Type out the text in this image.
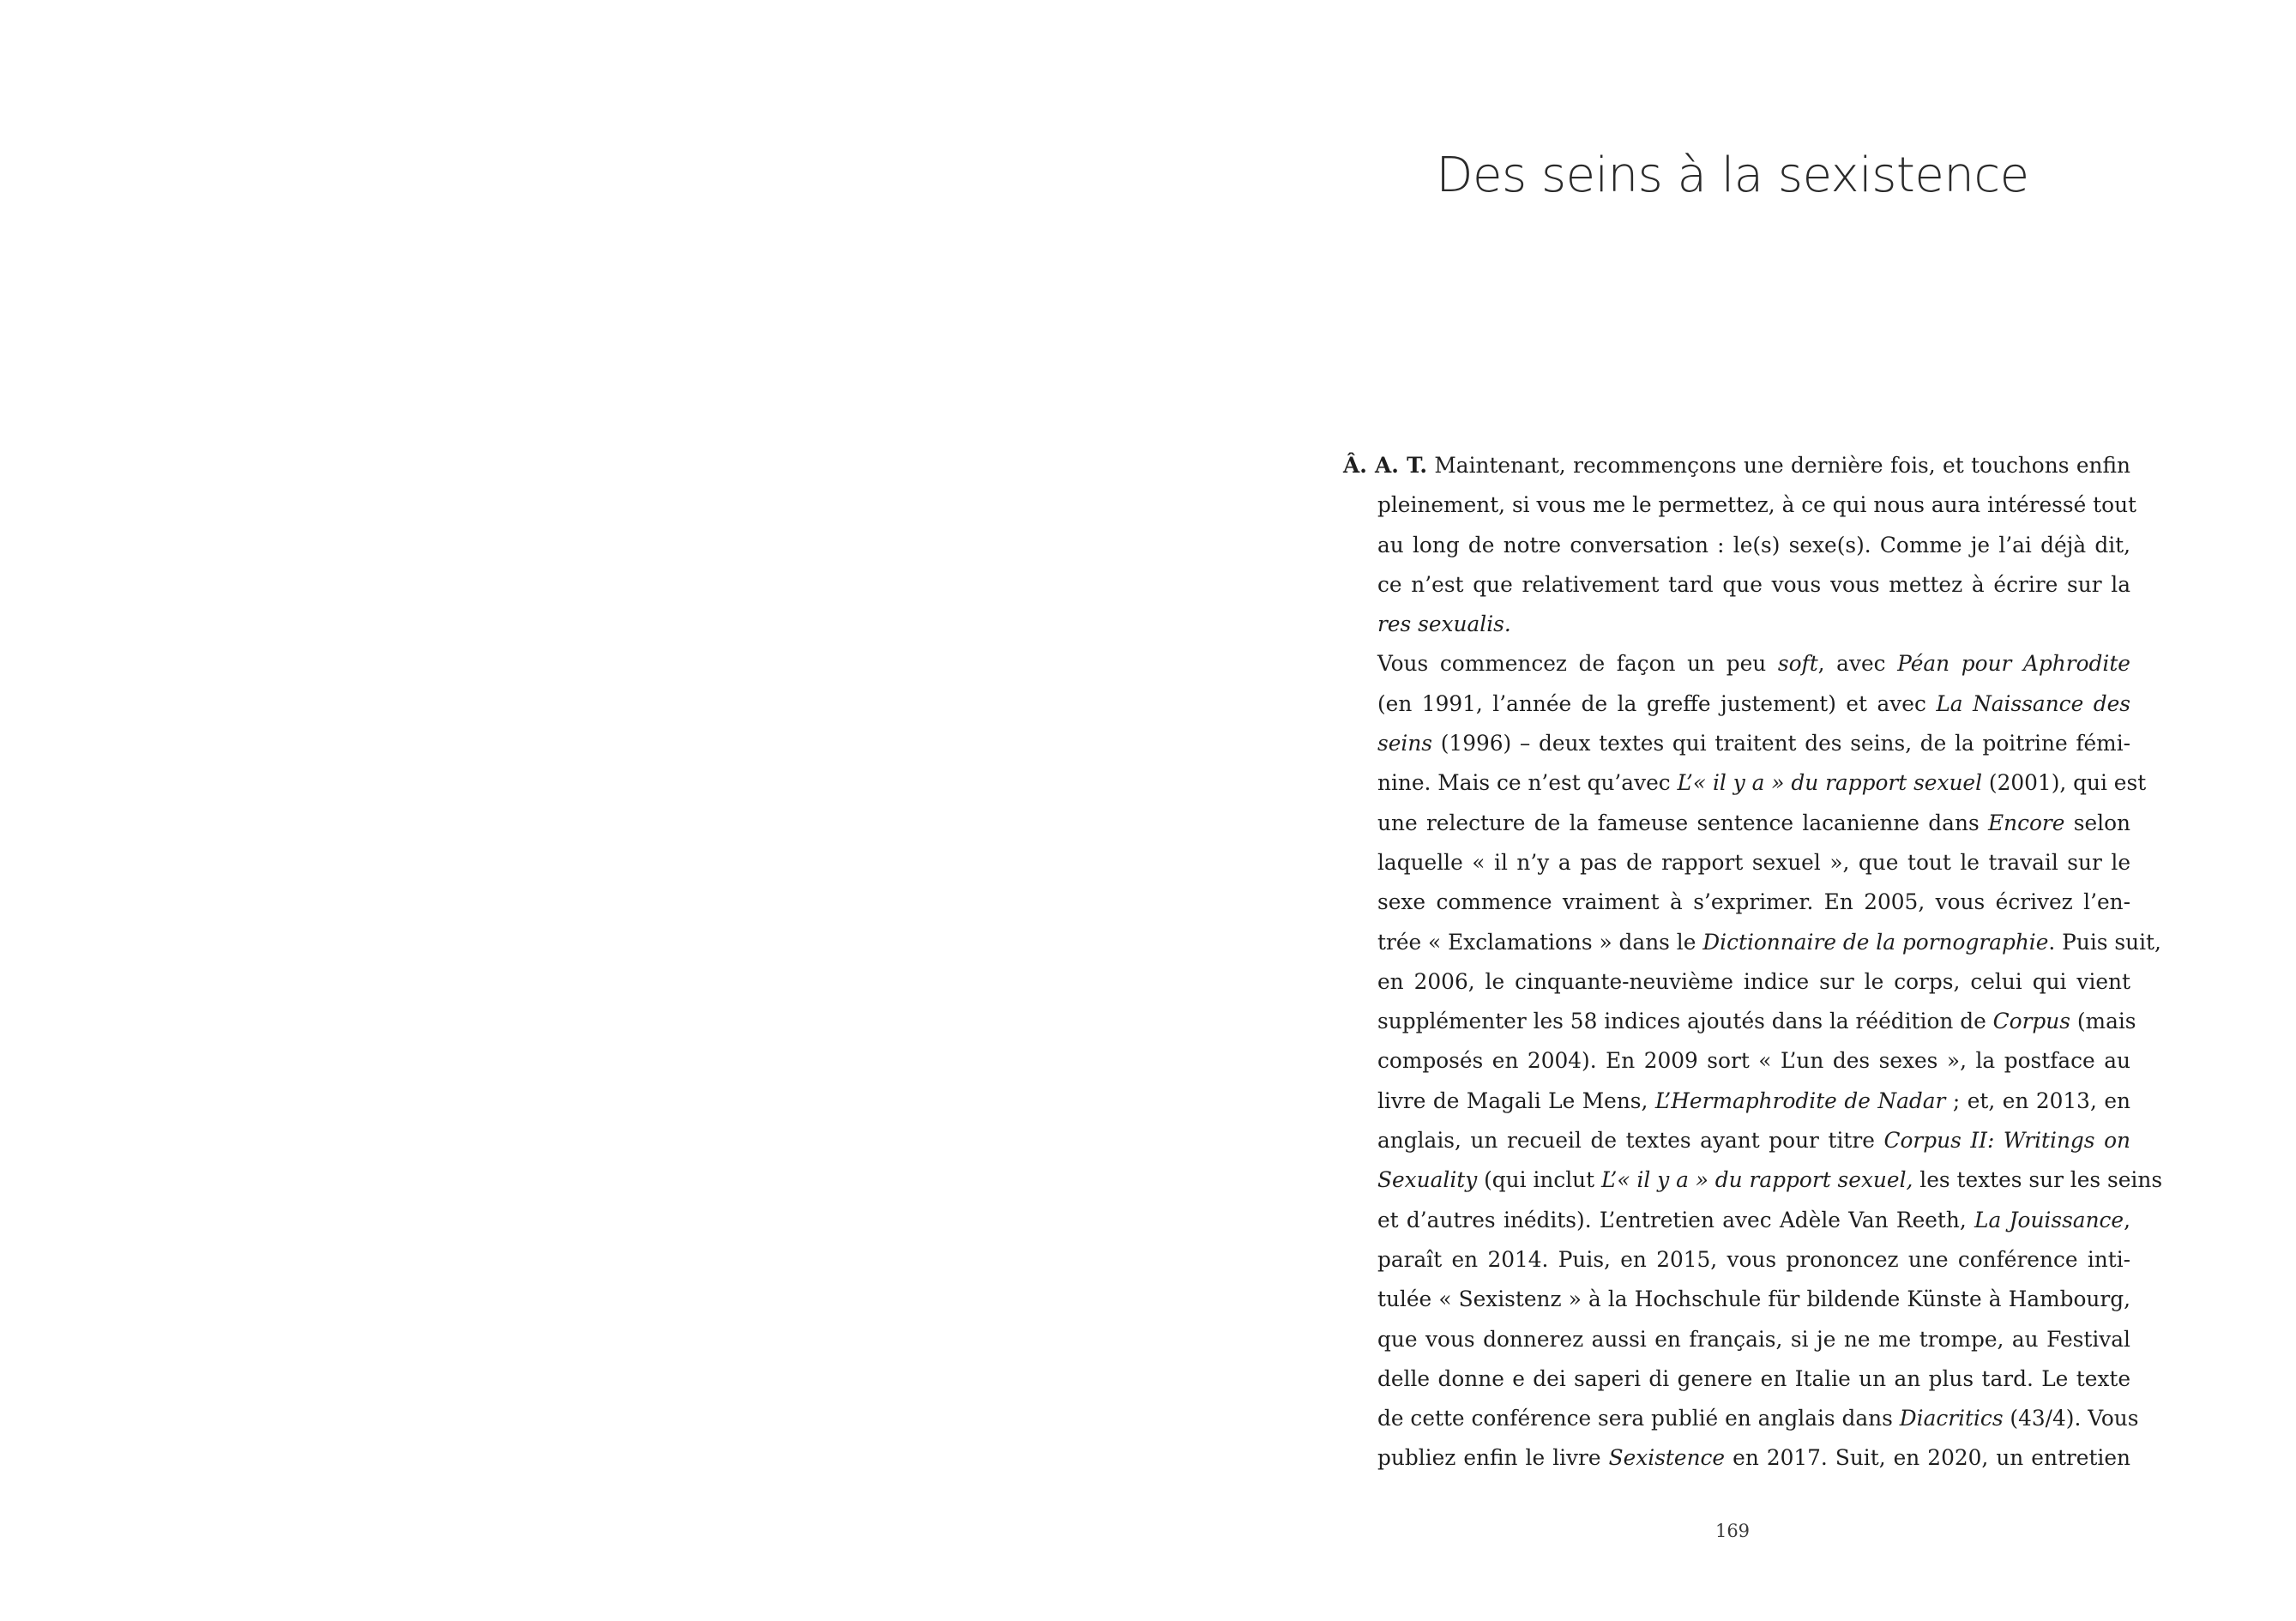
Des seins à la sexistence
Â. A. T. Maintenant, recommençons une dernière fois, et touchons enfin
pleinement, si vous me le permettez, à ce qui nous aura intéressé tout
au long de notre conversation : le(s) sexe(s). Comme je l’ai déjà dit,
ce n’est que relativement tard que vous vous mettez à écrire sur la
res sexualis.
Vous commencez de façon un peu soft, avec Péan pour Aphrodite
(en 1991, l’année de la greffe justement) et avec La Naissance des
seins (1996) – deux textes qui traitent des seins, de la poitrine fémi-
nine. Mais ce n’est qu’avec L’« il y a » du rapport sexuel (2001), qui est
une relecture de la fameuse sentence lacanienne dans Encore selon
laquelle « il n’y a pas de rapport sexuel », que tout le travail sur le
sexe commence vraiment à s’exprimer. En 2005, vous écrivez l’en-
trée « Exclamations » dans le Dictionnaire de la pornographie. Puis suit,
en 2006, le cinquante-neuvième indice sur le corps, celui qui vient
supplémenter les 58 indices ajoutés dans la réédition de Corpus (mais
composés en 2004). En 2009 sort « L’un des sexes », la postface au
livre de Magali Le Mens, L’Hermaphrodite de Nadar ; et, en 2013, en
anglais, un recueil de textes ayant pour titre Corpus II: Writings on
Sexuality (qui inclut L’« il y a » du rapport sexuel, les textes sur les seins
et d’autres inédits). L’entretien avec Adèle Van Reeth, La Jouissance,
paraît en 2014. Puis, en 2015, vous prononcez une conférence inti-
tulée « Sexistenz » à la Hochschule für bildende Künste à Hambourg,
que vous donnerez aussi en français, si je ne me trompe, au Festival
delle donne e dei saperi di genere en Italie un an plus tard. Le texte
de cette conférence sera publié en anglais dans Diacritics (43/4). Vous
publiez enfin le livre Sexistence en 2017. Suit, en 2020, un entretien
169
